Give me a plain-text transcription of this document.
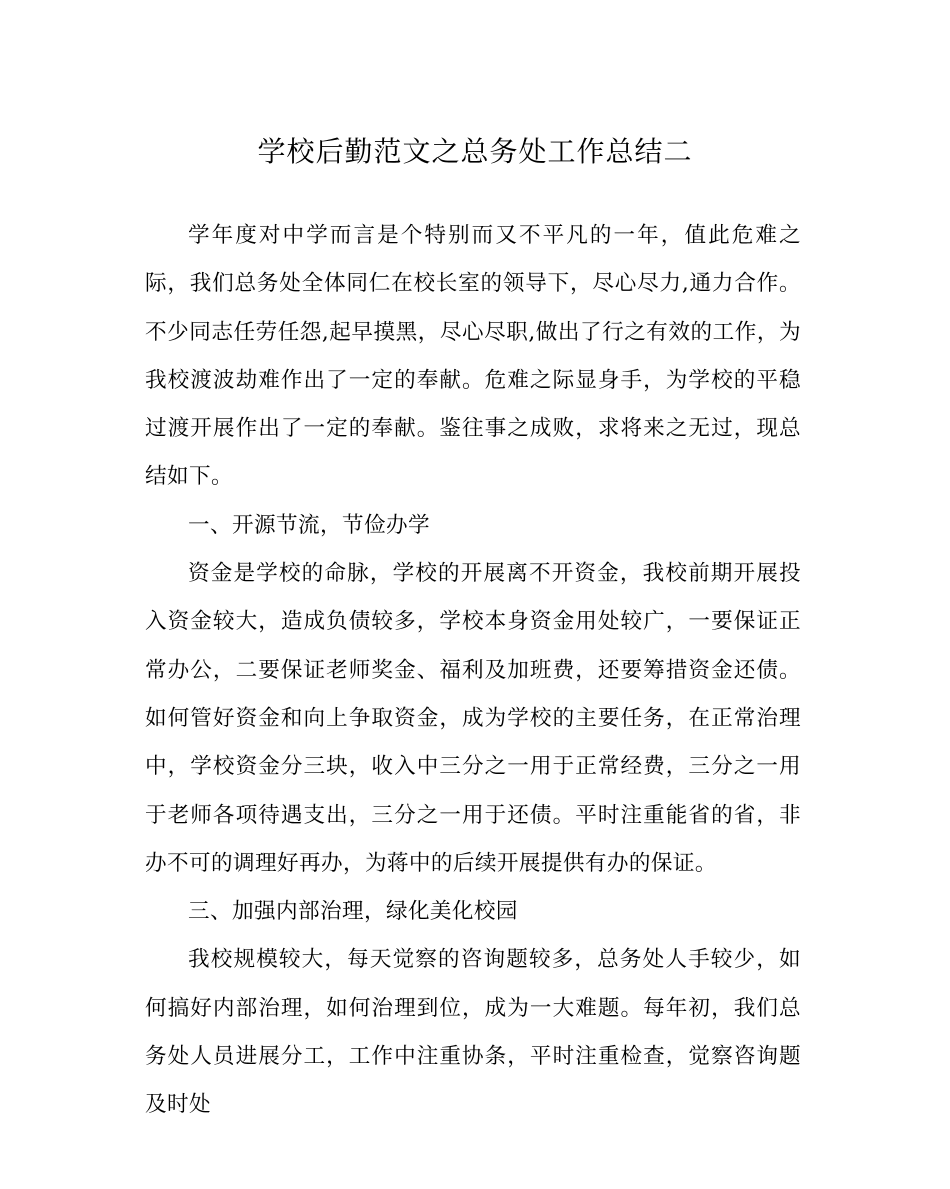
学校后勤范文之总务处工作总结二

学年度对中学而言是个特别而又不平凡的一年，值此危难之际，我们总务处全体同仁在校长室的领导下，尽心尽力,通力合作。不少同志任劳任怨,起早摸黑，尽心尽职,做出了行之有效的工作，为我校渡波劫难作出了一定的奉献。危难之际显身手，为学校的平稳过渡开展作出了一定的奉献。鉴往事之成败，求将来之无过，现总结如下。

一、开源节流，节俭办学

资金是学校的命脉，学校的开展离不开资金，我校前期开展投入资金较大，造成负债较多，学校本身资金用处较广，一要保证正常办公，二要保证老师奖金、福利及加班费，还要筹措资金还债。如何管好资金和向上争取资金，成为学校的主要任务，在正常治理中，学校资金分三块，收入中三分之一用于正常经费，三分之一用于老师各项待遇支出，三分之一用于还债。平时注重能省的省，非办不可的调理好再办，为蒋中的后续开展提供有办的保证。

三、加强内部治理，绿化美化校园

我校规模较大，每天觉察的咨询题较多，总务处人手较少，如何搞好内部治理，如何治理到位，成为一大难题。每年初，我们总务处人员进展分工，工作中注重协条，平时注重检查，觉察咨询题及时处
